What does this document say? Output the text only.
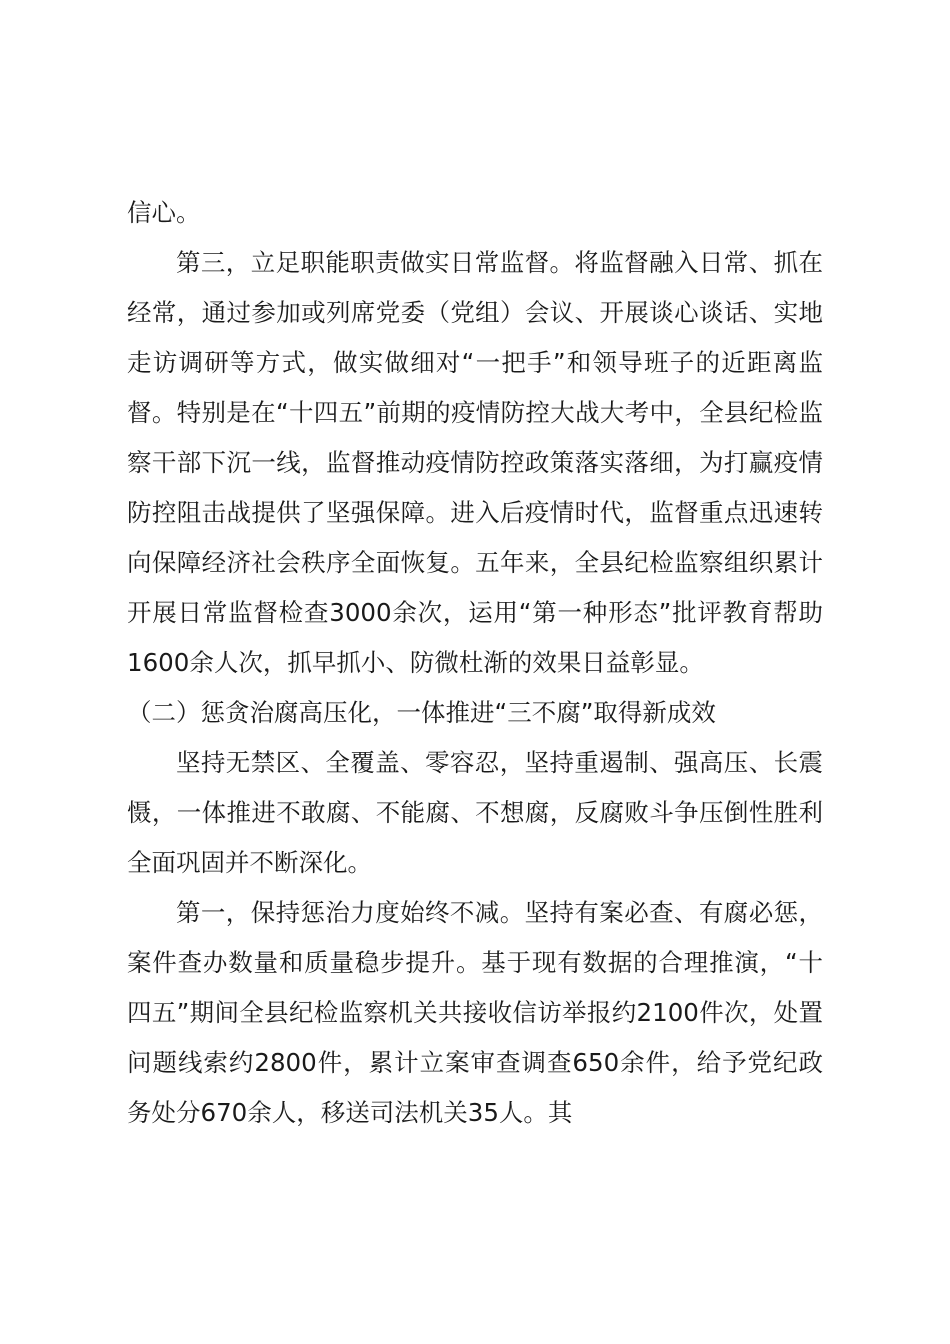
信心。

第三，立足职能职责做实日常监督。将监督融入日常、抓在经常，通过参加或列席党委（党组）会议、开展谈心谈话、实地走访调研等方式，做实做细对“一把手”和领导班子的近距离监督。特别是在“十四五”前期的疫情防控大战大考中，全县纪检监察干部下沉一线，监督推动疫情防控政策落实落细，为打赢疫情防控阻击战提供了坚强保障。进入后疫情时代，监督重点迅速转向保障经济社会秩序全面恢复。五年来，全县纪检监察组织累计开展日常监督检查3000余次，运用“第一种形态”批评教育帮助1600余人次，抓早抓小、防微杜渐的效果日益彰显。

（二）惩贪治腐高压化，一体推进“三不腐”取得新成效

坚持无禁区、全覆盖、零容忍，坚持重遏制、强高压、长震慑，一体推进不敢腐、不能腐、不想腐，反腐败斗争压倒性胜利全面巩固并不断深化。

第一，保持惩治力度始终不减。坚持有案必查、有腐必惩，案件查办数量和质量稳步提升。基于现有数据的合理推演，“十四五”期间全县纪检监察机关共接收信访举报约2100件次，处置问题线索约2800件，累计立案审查调查650余件，给予党纪政务处分670余人，移送司法机关35人。其
